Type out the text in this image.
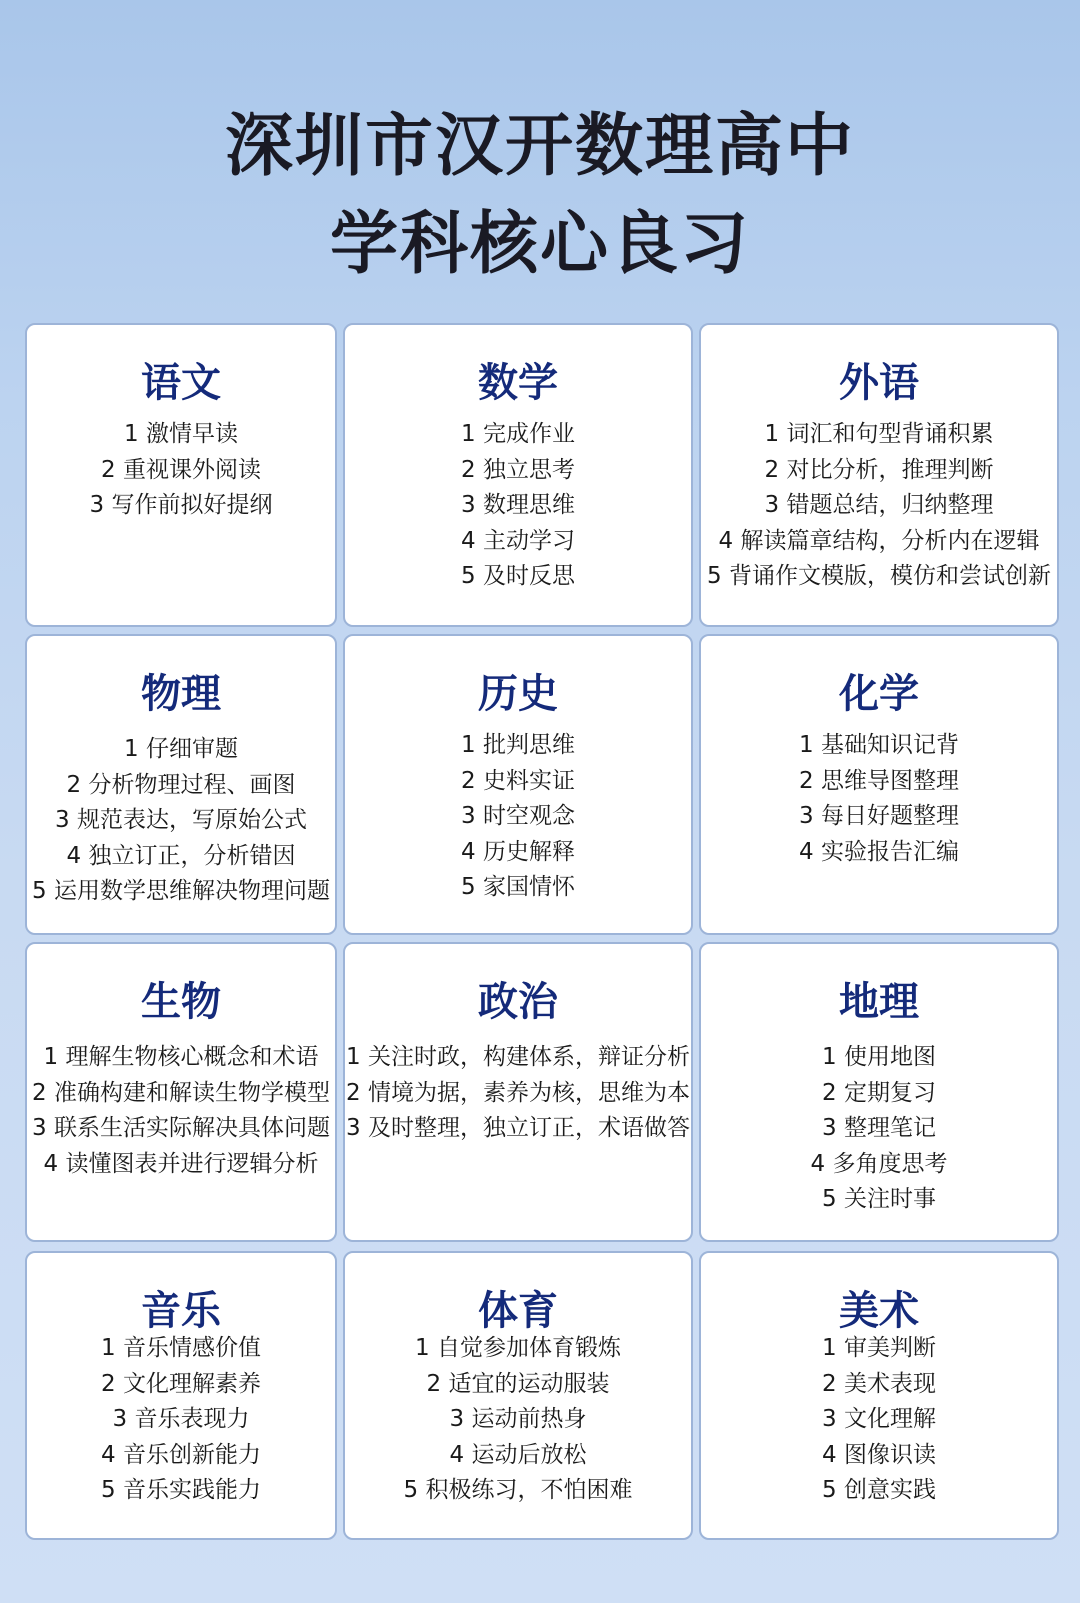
深圳市汉开数理高中
学科核心良习
语文
1 激情早读
2 重视课外阅读
3 写作前拟好提纲
数学
1 完成作业
2 独立思考
3 数理思维
4 主动学习
5 及时反思
外语
1 词汇和句型背诵积累
2 对比分析，推理判断
3 错题总结，归纳整理
4 解读篇章结构，分析内在逻辑
5 背诵作文模版，模仿和尝试创新
物理
1 仔细审题
2 分析物理过程、画图
3 规范表达，写原始公式
4 独立订正，分析错因
5 运用数学思维解决物理问题
历史
1 批判思维
2 史料实证
3 时空观念
4 历史解释
5 家国情怀
化学
1 基础知识记背
2 思维导图整理
3 每日好题整理
4 实验报告汇编
生物
1 理解生物核心概念和术语
2 准确构建和解读生物学模型
3 联系生活实际解决具体问题
4 读懂图表并进行逻辑分析
政治
1 关注时政，构建体系，辩证分析
2 情境为据，素养为核，思维为本
3 及时整理，独立订正，术语做答
地理
1 使用地图
2 定期复习
3 整理笔记
4 多角度思考
5 关注时事
音乐
1 音乐情感价值
2 文化理解素养
3 音乐表现力
4 音乐创新能力
5 音乐实践能力
体育
1 自觉参加体育锻炼
2 适宜的运动服装
3 运动前热身
4 运动后放松
5 积极练习，不怕困难
美术
1 审美判断
2 美术表现
3 文化理解
4 图像识读
5 创意实践
